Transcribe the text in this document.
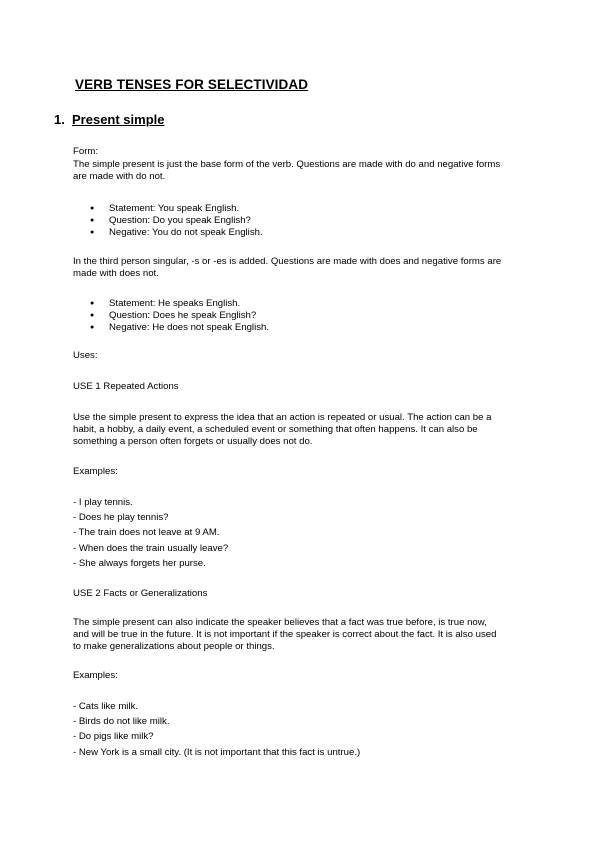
VERB TENSES FOR SELECTIVIDAD
1. Present simple
Form:
The simple present is just the base form of the verb. Questions are made with do and negative forms
are made with do not.
● Statement: You speak English.
● Question: Do you speak English?
● Negative: You do not speak English.
In the third person singular, -s or -es is added. Questions are made with does and negative forms are
made with does not.
● Statement: He speaks English.
● Question: Does he speak English?
● Negative: He does not speak English.
Uses:
USE 1 Repeated Actions
Use the simple present to express the idea that an action is repeated or usual. The action can be a
habit, a hobby, a daily event, a scheduled event or something that often happens. It can also be
something a person often forgets or usually does not do.
Examples:
- I play tennis.
- Does he play tennis?
- The train does not leave at 9 AM.
- When does the train usually leave?
- She always forgets her purse.
USE 2 Facts or Generalizations
The simple present can also indicate the speaker believes that a fact was true before, is true now,
and will be true in the future. It is not important if the speaker is correct about the fact. It is also used
to make generalizations about people or things.
Examples:
- Cats like milk.
- Birds do not like milk.
- Do pigs like milk?
- New York is a small city. (It is not important that this fact is untrue.)
